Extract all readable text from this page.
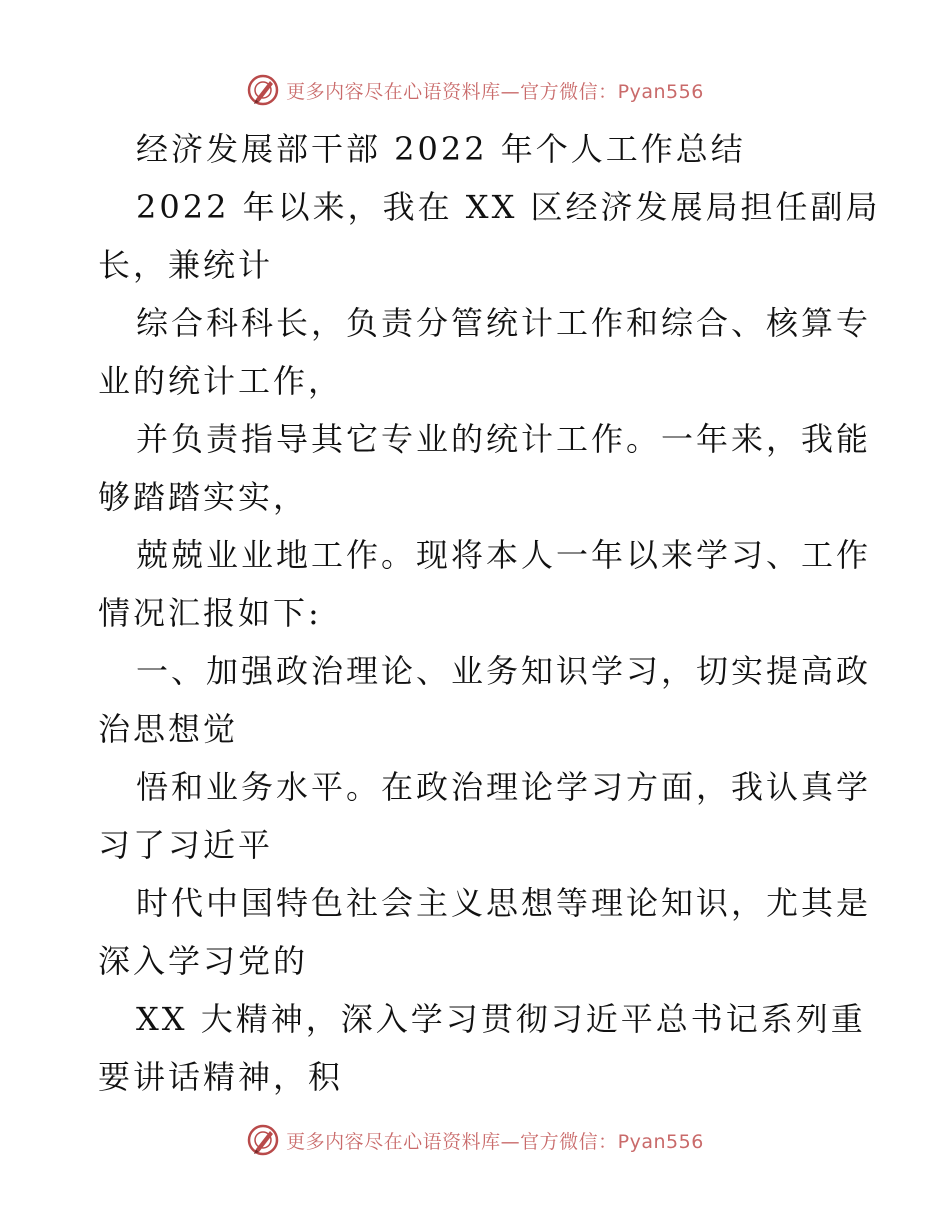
更多内容尽在心语资料库—官方微信：Pyan556
经济发展部干部 2022 年个人工作总结
2022 年以来，我在 XX 区经济发展局担任副局
长，兼统计
综合科科长，负责分管统计工作和综合、核算专
业的统计工作，
并负责指导其它专业的统计工作。一年来，我能
够踏踏实实，
兢兢业业地工作。现将本人一年以来学习、工作
情况汇报如下:
一、加强政治理论、业务知识学习，切实提高政
治思想觉
悟和业务水平。在政治理论学习方面，我认真学
习了习近平
时代中国特色社会主义思想等理论知识，尤其是
深入学习党的
XX 大精神，深入学习贯彻习近平总书记系列重
要讲话精神，积
更多内容尽在心语资料库—官方微信：Pyan556
